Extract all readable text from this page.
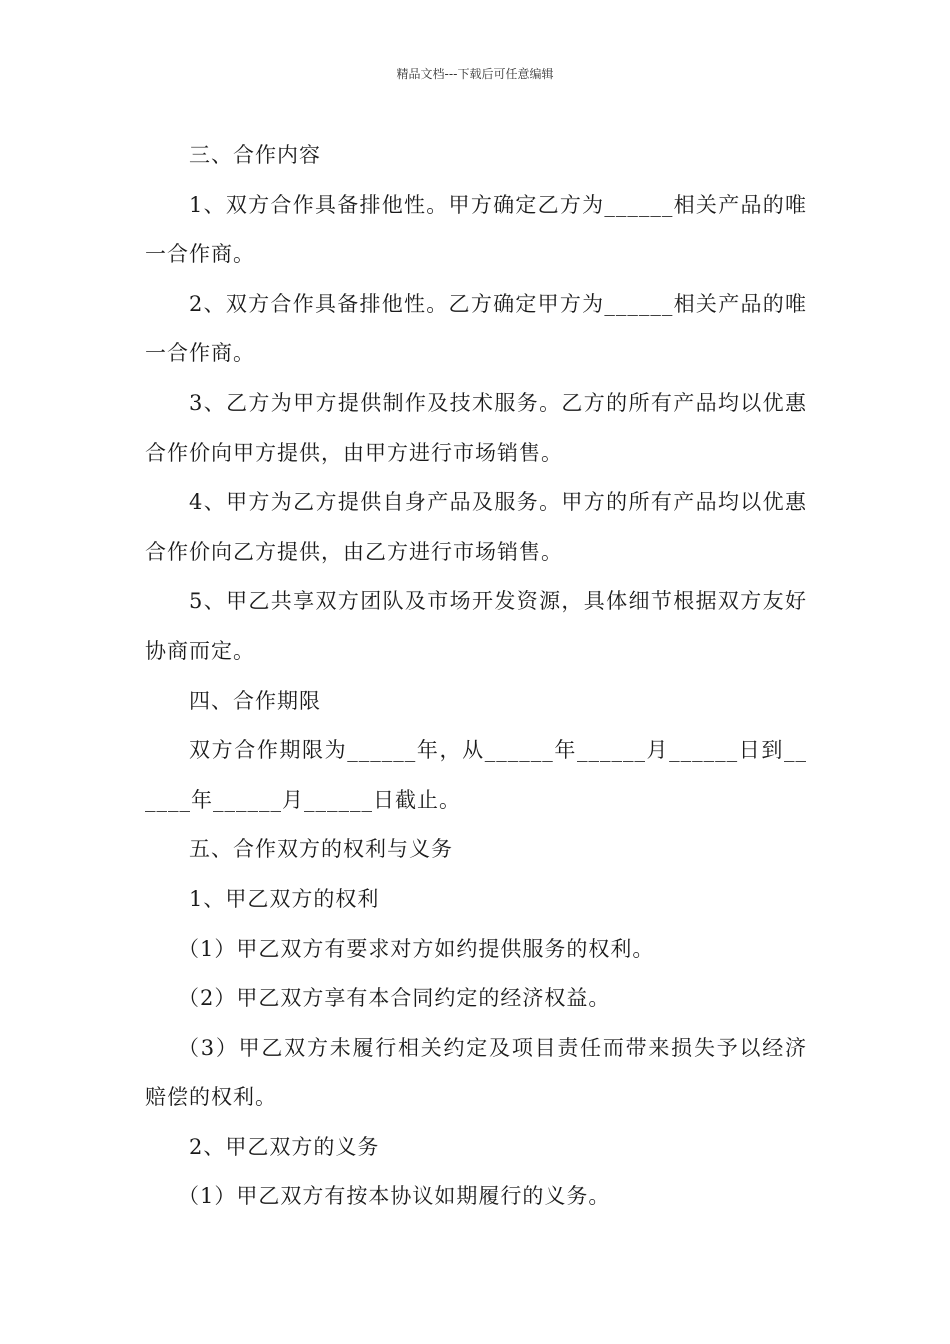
精品文档---下载后可任意编辑

三、合作内容

1、双方合作具备排他性。甲方确定乙方为______相关产品的唯一合作商。

2、双方合作具备排他性。乙方确定甲方为______相关产品的唯一合作商。

3、乙方为甲方提供制作及技术服务。乙方的所有产品均以优惠合作价向甲方提供，由甲方进行市场销售。

4、甲方为乙方提供自身产品及服务。甲方的所有产品均以优惠合作价向乙方提供，由乙方进行市场销售。

5、甲乙共享双方团队及市场开发资源，具体细节根据双方友好协商而定。

四、合作期限

双方合作期限为______年，从______年______月______日到______年______月______日截止。

五、合作双方的权利与义务

1、甲乙双方的权利

（1）甲乙双方有要求对方如约提供服务的权利。

（2）甲乙双方享有本合同约定的经济权益。

（3）甲乙双方未履行相关约定及项目责任而带来损失予以经济赔偿的权利。

2、甲乙双方的义务

（1）甲乙双方有按本协议如期履行的义务。
